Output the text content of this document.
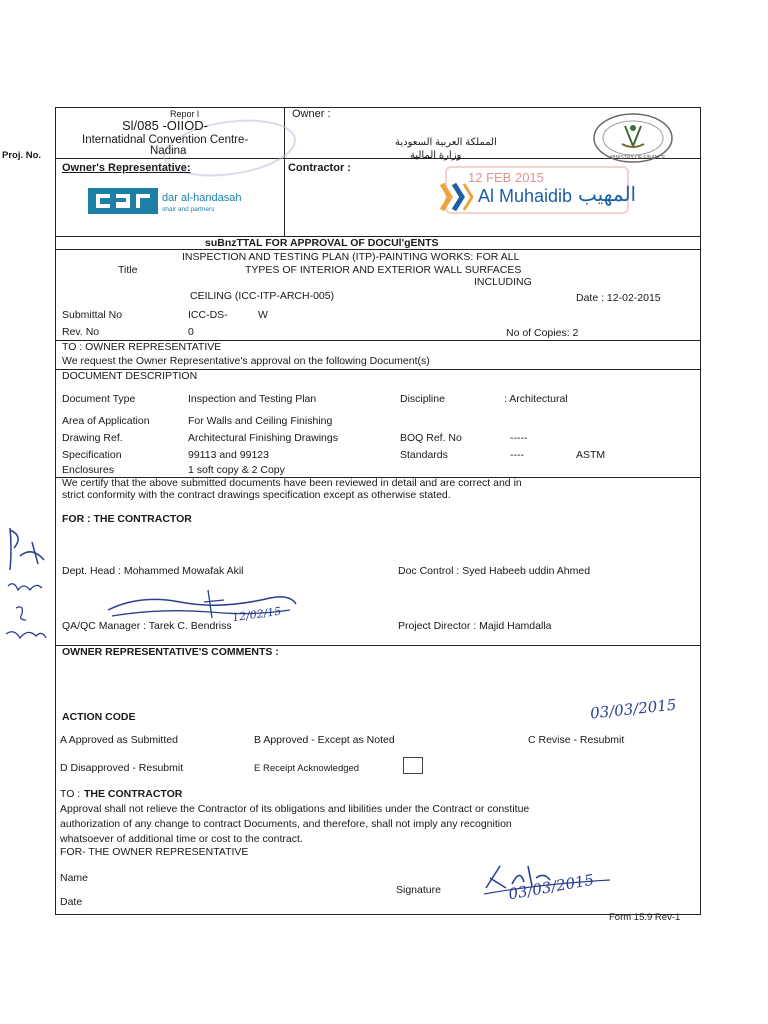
Proj. No.
Repor l
Sl/085 -OIIOD-
Internatidnal Convention Centre-
Nadina
Owner's Representative:
dar al-handasah
shair and partners
Owner :
المملكة العربية السعودية
وزارة المالية	MINISTRY OF FINANCE
Contractor :
12 FEB 2015
Al Muhaidib المهيب
suBnzTTAL FOR APPROVAL OF DOCUl'gENTS
Title
INSPECTION AND TESTING PLAN (ITP)-PAINTING WORKS: FOR ALL
TYPES OF INTERIOR AND EXTERIOR WALL SURFACES
INCLUDING
CEILING (ICC-ITP-ARCH-005)	Date : 12-02-2015
Submittal No	ICC-DS-	W
Rev. No	0	No of Copies: 2
TO : OWNER REPRESENTATIVE
We request the Owner Representative's approval on the following Document(s)
DOCUMENT DESCRIPTION
Document Type	Inspection and Testing Plan	Discipline	: Architectural
Area of Application	For Walls and Ceiling Finishing
Drawing Ref.	Architectural Finishing Drawings	BOQ Ref. No	-----
Specification	99113 and 99123	Standards	----	ASTM
Enclosures	1 soft copy & 2 Copy
We certify that the above submitted documents have been reviewed in detail and are correct and in
strict conformity with the contract drawings specification except as otherwise stated.
FOR : THE CONTRACTOR
Dept. Head : Mohammed Mowafak Akil	Doc Control : Syed Habeeb uddin Ahmed
12/02/15
QA/QC Manager : Tarek C. Bendriss	Project Director : Majid Hamdalla
OWNER REPRESENTATIVE'S COMMENTS :
ACTION CODE	03/03/2015
A Approved as Submitted	B Approved - Except as Noted	C Revise - Resubmit
D Disapproved - Resubmit	E Receipt Acknowledged
TO : THE CONTRACTOR
Approval shall not relieve the Contractor of its obligations and libilities under the Contract or constitue
authorization of any change to contract Documents, and therefore, shall not imply any recognition
whatsoever of additional time or cost to the contract.
FOR- THE OWNER REPRESENTATIVE
Name
Signature
Date	03/03/2015
Form 15.9 Rev-1
